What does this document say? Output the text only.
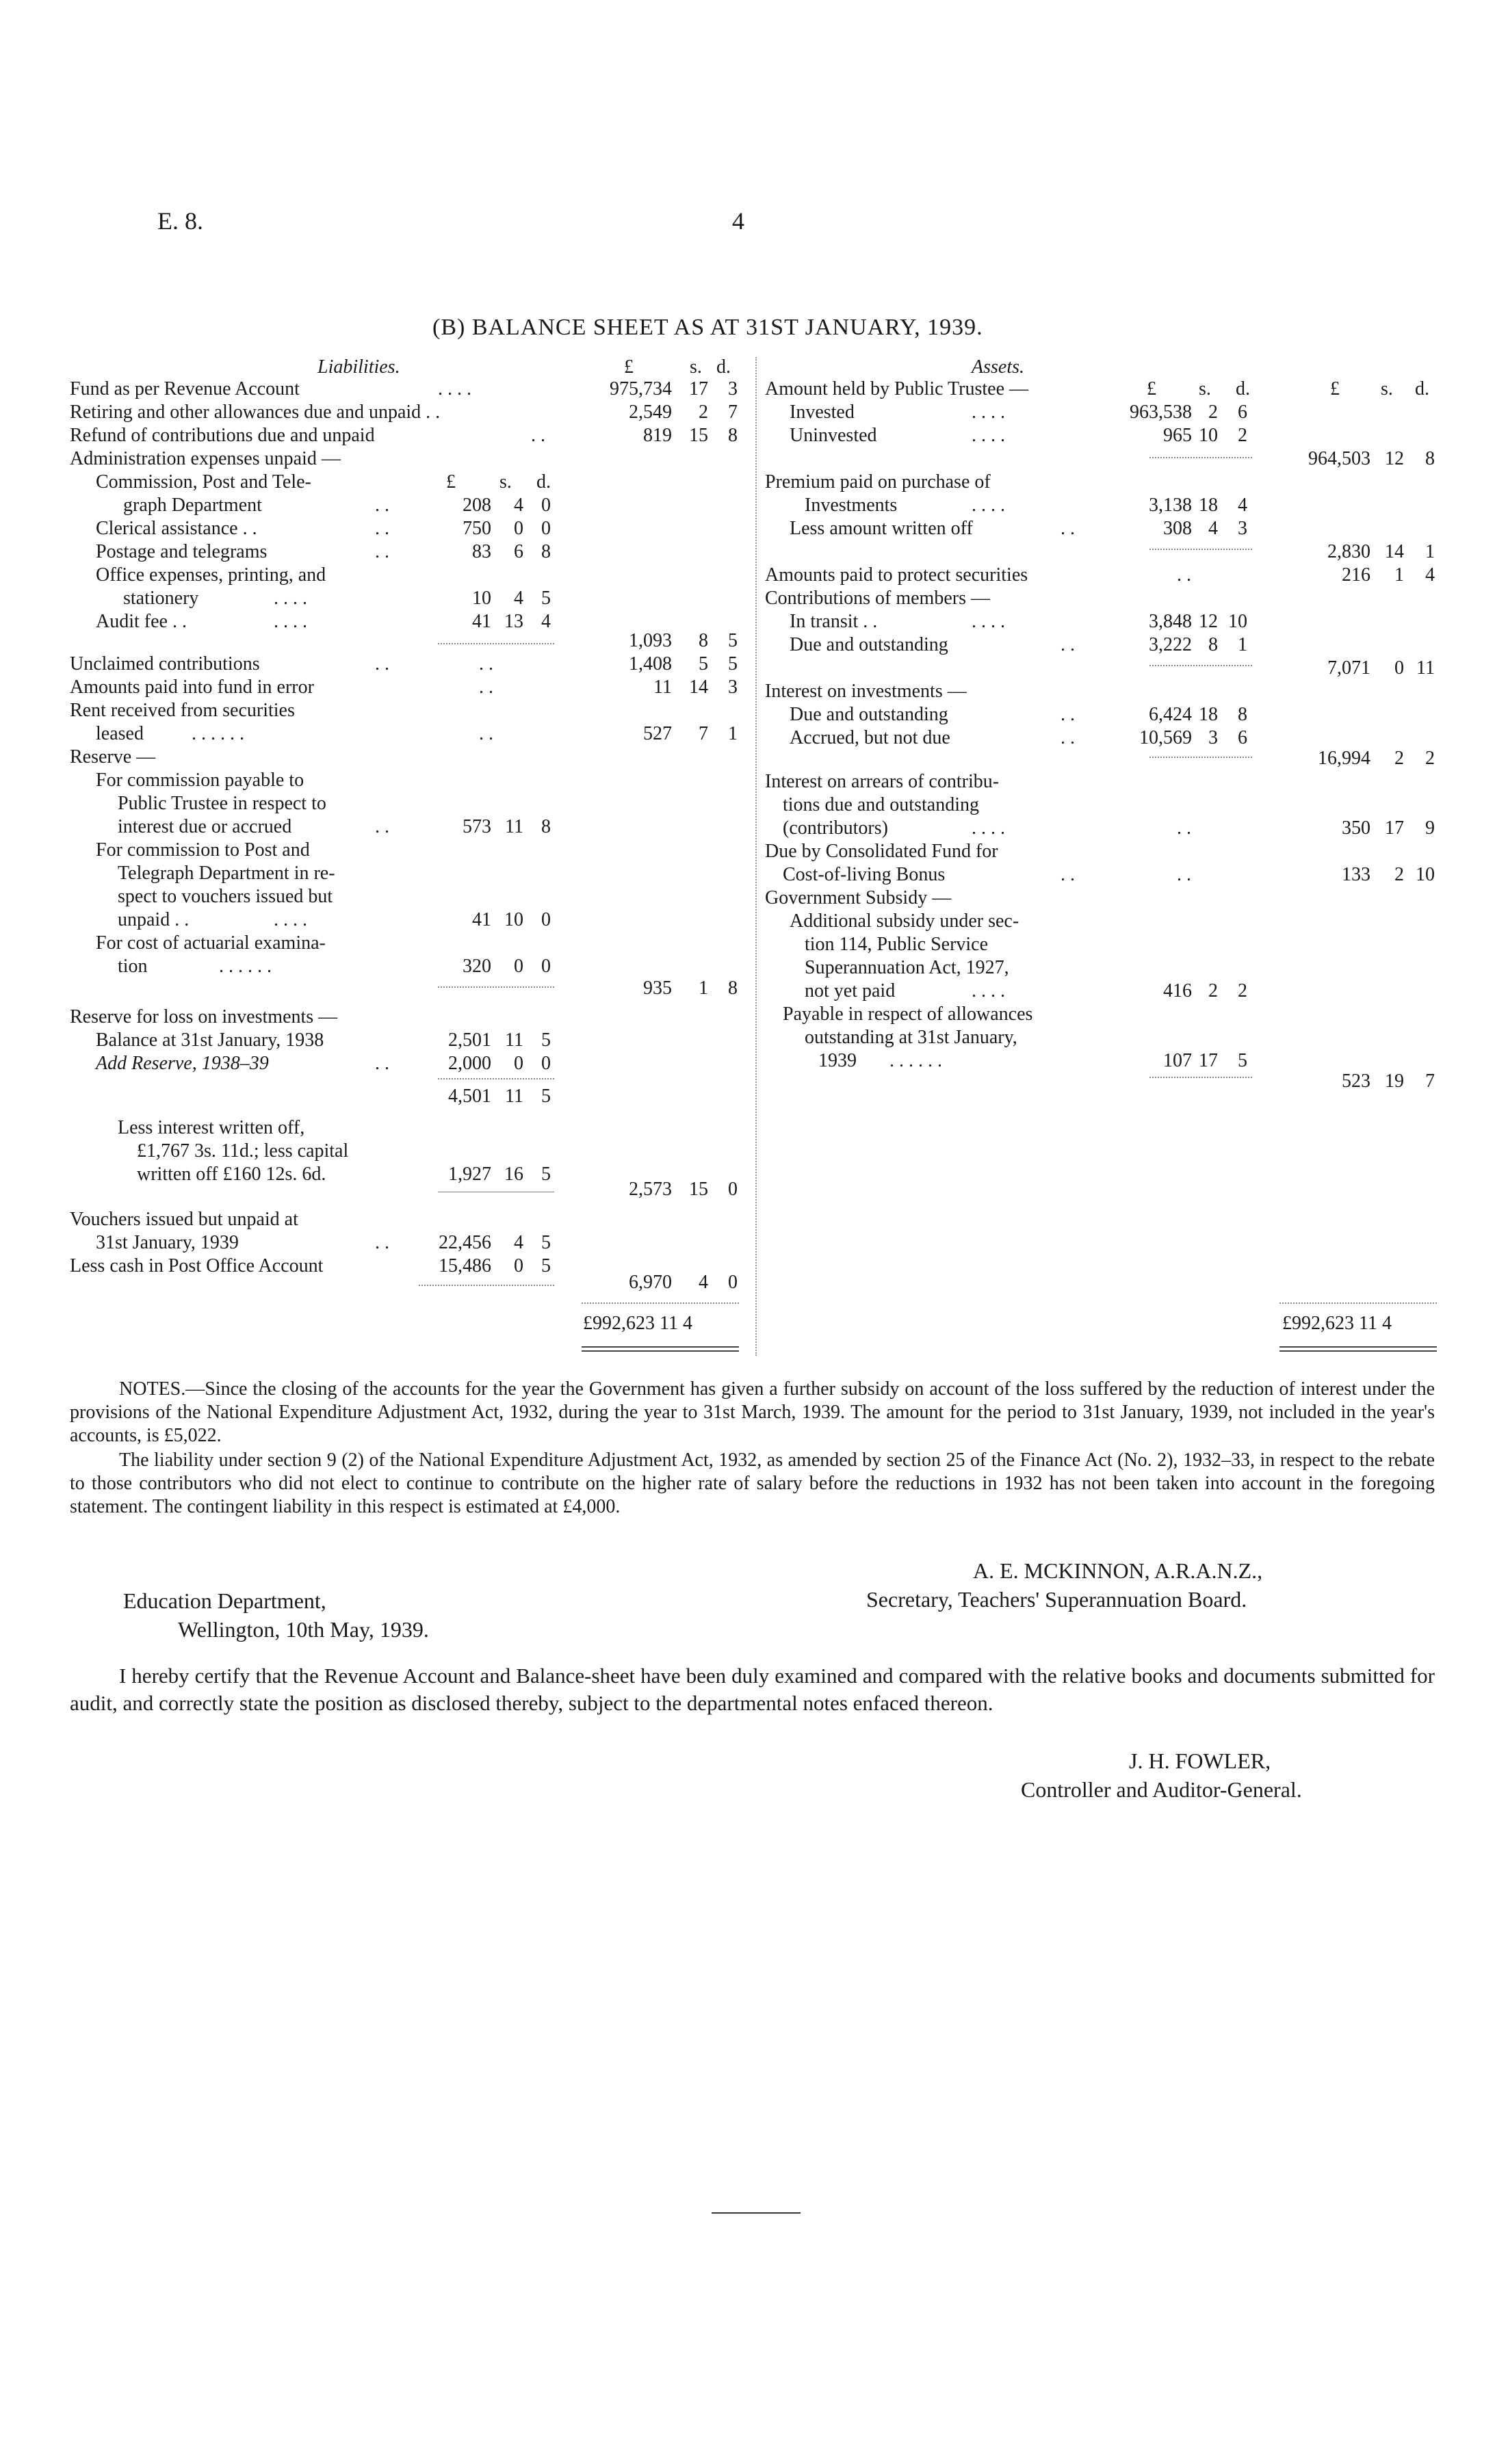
E. 8.	4
(B) BALANCE SHEET AS AT 31ST JANUARY, 1939.
Liabilities.	£	s. d.
Fund as per Revenue Account	. . . .	975,734 17 3
Retiring and other allowances due and unpaid . .	2,549 2 7
Refund of contributions due and unpaid	. .	819 15 8
Administration expenses unpaid —
Commission, Post and Tele-	£ s. d.
graph Department	. .	208 4 0
Clerical assistance . .	. .	750 0 0
Postage and telegrams	. .	83 6 8
Office expenses, printing, and
stationery	. . . .	10 4 5
Audit fee . .	. . . .	41 13 4
1,093 8 5
Unclaimed contributions	. .	. .	1,408 5 5
Amounts paid into fund in error	. .	11 14 3
Rent received from securities
leased	. . . . . .	. .	527 7 1
Reserve —
For commission payable to
Public Trustee in respect to
interest due or accrued	. .	573 11 8
For commission to Post and
Telegraph Department in re-
spect to vouchers issued but
unpaid . .	. . . .	41 10 0
For cost of actuarial examina-
tion	. . . . . .	320 0 0
935 1 8
Reserve for loss on investments —
Balance at 31st January, 1938	2,501 11 5
Add Reserve, 1938–39	. .	2,000 0 0
4,501 11 5
Less interest written off,
£1,767 3s. 11d.; less capital
written off £160 12s. 6d.	1,927 16 5
2,573 15 0
Vouchers issued but unpaid at
31st January, 1939	. .	22,456 4 5
Less cash in Post Office Account	15,486 0 5
6,970 4 0
£992,623 11 4
Assets.
Amount held by Public Trustee —	£ s. d.	£ s. d.
Invested	. . . .	963,538 2 6
Uninvested	. . . .	965 10 2
964,503 12 8
Premium paid on purchase of
Investments	. . . .	3,138 18 4
Less amount written off	. .	308 4 3
2,830 14 1
Amounts paid to protect securities	. .	216 1 4
Contributions of members —
In transit . .	. . . .	3,848 12 10
Due and outstanding	. .	3,222 8 1
7,071 0 11
Interest on investments —
Due and outstanding	. .	6,424 18 8
Accrued, but not due	. .	10,569 3 6
16,994 2 2
Interest on arrears of contribu-
tions due and outstanding
(contributors)	. . . .	. .	350 17 9
Due by Consolidated Fund for
Cost-of-living Bonus	. .	. .	133 2 10
Government Subsidy —
Additional subsidy under sec-
tion 114, Public Service
Superannuation Act, 1927,
not yet paid	. . . .	416 2 2
Payable in respect of allowances
outstanding at 31st January,
1939 . . . . . .	107 17 5
523 19 7
£992,623 11 4
NOTES.—Since the closing of the accounts for the year the Government has given a further subsidy on account of the loss suffered by the reduction of interest under the provisions of the National Expenditure Adjustment Act, 1932, during the year to 31st March, 1939. The amount for the period to 31st January, 1939, not included in the year's accounts, is £5,022.
The liability under section 9 (2) of the National Expenditure Adjustment Act, 1932, as amended by section 25 of the Finance Act (No. 2), 1932–33, in respect to the rebate to those contributors who did not elect to continue to contribute on the higher rate of salary before the reductions in 1932 has not been taken into account in the foregoing statement. The contingent liability in this respect is estimated at £4,000.
A. E. MCKINNON, A.R.A.N.Z.,
Secretary, Teachers' Superannuation Board.
Education Department,
Wellington, 10th May, 1939.
I hereby certify that the Revenue Account and Balance-sheet have been duly examined and compared with the relative books and documents submitted for audit, and correctly state the position as disclosed thereby, subject to the departmental notes enfaced thereon.
J. H. FOWLER,
Controller and Auditor-General.
